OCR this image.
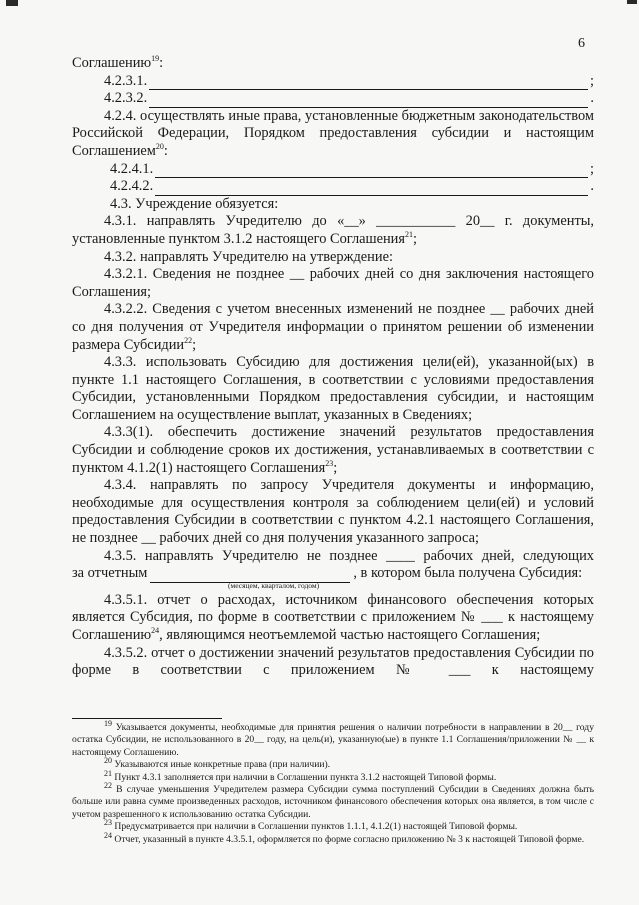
6

Соглашению$^{19}$:

4.2.3.1.	;
4.2.3.2.	.

4.2.4. осуществлять иные права, установленные бюджетным законодательством Российской Федерации, Порядком предоставления субсидии и настоящим Соглашением$^{20}$:

4.2.4.1.	;
4.2.4.2.	.

4.3. Учреждение обязуется:

4.3.1. направлять Учредителю до «__» ___________ 20__ г. документы,

установленные пунктом 3.1.2 настоящего Соглашения$^{21}$;

4.3.2. направлять Учредителю на утверждение:

4.3.2.1. Сведения не позднее __ рабочих дней со дня заключения настоящего Соглашения;

4.3.2.2. Сведения с учетом внесенных изменений не позднее __ рабочих дней со дня получения от Учредителя информации о принятом решении об изменении размера Субсидии$^{22}$;

4.3.3. использовать Субсидию для достижения цели(ей), указанной(ых) в пункте 1.1 настоящего Соглашения, в соответствии с условиями предоставления Субсидии, установленными Порядком предоставления субсидии, и настоящим Соглашением на осуществление выплат, указанных в Сведениях;

4.3.3(1). обеспечить достижение значений результатов предоставления Субсидии и соблюдение сроков их достижения, устанавливаемых в соответствии с пунктом 4.1.2(1) настоящего Соглашения$^{23}$;

4.3.4. направлять по запросу Учредителя документы и информацию, необходимые для осуществления контроля за соблюдением цели(ей) и условий предоставления Субсидии в соответствии с пунктом 4.2.1 настоящего Соглашения, не позднее __ рабочих дней со дня получения указанного запроса;

4.3.5. направлять Учредителю не позднее ____ рабочих дней, следующих

за отчетным	, в котором была получена Субсидия:
(месяцем, кварталом, годом)

4.3.5.1. отчет о расходах, источником финансового обеспечения которых является Субсидия, по форме в соответствии с приложением № ___ к настоящему Соглашению$^{24}$, являющимся неотъемлемой частью настоящего Соглашения;

4.3.5.2. отчет о достижении значений результатов предоставления Субсидии по форме в соответствии с приложением № ___ к настоящему

$^{19}$ Указывается документы, необходимые для принятия решения о наличии потребности в направлении в 20__ году остатка Субсидии, не использованного в 20__ году, на цель(и), указанную(ые) в пункте 1.1 Соглашения/приложении № __ к настоящему Соглашению.

$^{20}$ Указываются иные конкретные права (при наличии).

$^{21}$ Пункт 4.3.1 заполняется при наличии в Соглашении пункта 3.1.2 настоящей Типовой формы.

$^{22}$ В случае уменьшения Учредителем размера Субсидии сумма поступлений Субсидии в Сведениях должна быть больше или равна сумме произведенных расходов, источником финансового обеспечения которых она является, в том числе с учетом разрешенного к использованию остатка Субсидии.

$^{23}$ Предусматривается при наличии в Соглашении пунктов 1.1.1, 4.1.2(1) настоящей Типовой формы.

$^{24}$ Отчет, указанный в пункте 4.3.5.1, оформляется по форме согласно приложению № 3 к настоящей Типовой форме.
